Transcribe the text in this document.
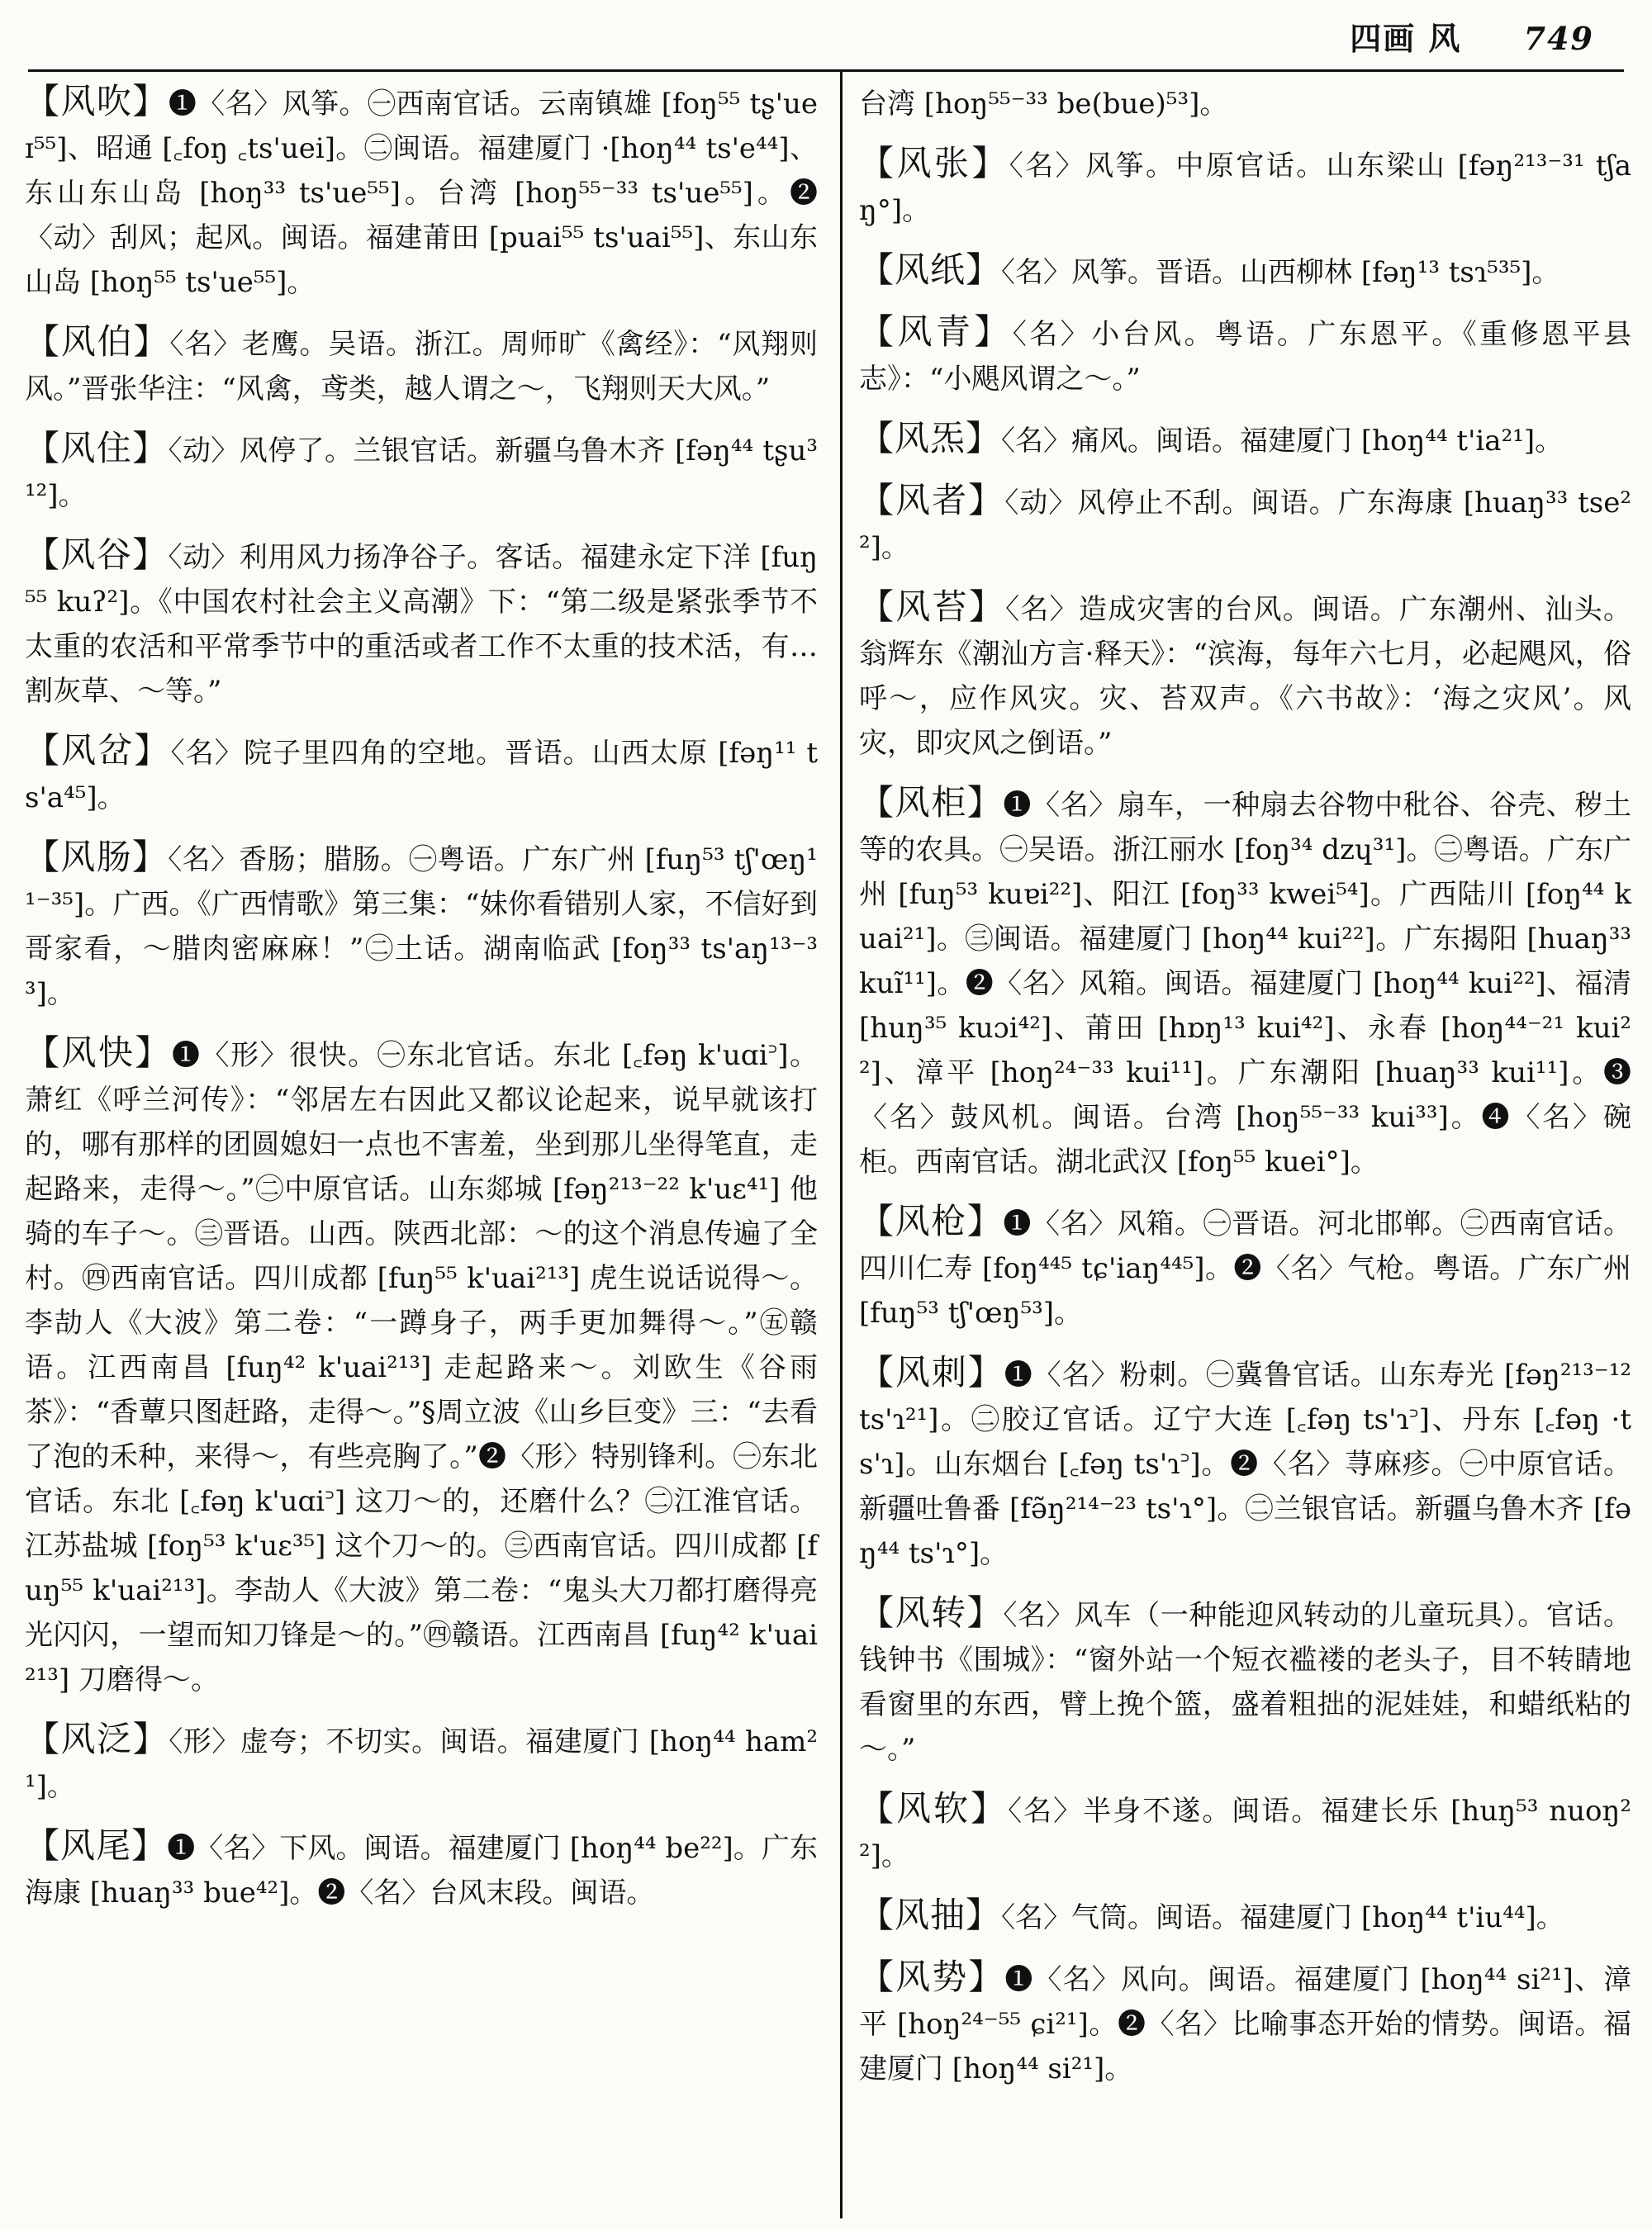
四画 风 749

【风吹】❶〈名〉风筝。㊀西南官话。云南镇雄 [foŋ⁵⁵ tʂ'ueɪ⁵⁵]、昭通 [꜀foŋ ꜀ts'uei]。㊁闽语。福建厦门 ·[hoŋ⁴⁴ ts'e⁴⁴]、东山东山岛 [hoŋ³³ ts'ue⁵⁵]。台湾 [hoŋ⁵⁵⁻³³ ts'ue⁵⁵]。❷〈动〉刮风；起风。闽语。福建莆田 [puai⁵⁵ ts'uai⁵⁵]、东山东山岛 [hoŋ⁵⁵ ts'ue⁵⁵]。

【风伯】〈名〉老鹰。吴语。浙江。周师旷《禽经》：“风翔则风。”晋张华注：“风禽，鸢类，越人谓之～，飞翔则天大风。”

【风住】〈动〉风停了。兰银官话。新疆乌鲁木齐 [fəŋ⁴⁴ tʂu³¹²]。

【风谷】〈动〉利用风力扬净谷子。客话。福建永定下洋 [fuŋ⁵⁵ kuʔ²]。《中国农村社会主义高潮》下：“第二级是紧张季节不太重的农活和平常季节中的重活或者工作不太重的技术活，有…割灰草、～等。”

【风岔】〈名〉院子里四角的空地。晋语。山西太原 [fəŋ¹¹ ts'a⁴⁵]。

【风肠】〈名〉香肠；腊肠。㊀粤语。广东广州 [fuŋ⁵³ tʃ'œŋ¹¹⁻³⁵]。广西。《广西情歌》第三集：“妹你看错别人家，不信好到哥家看，～腊肉密麻麻！”㊁土话。湖南临武 [foŋ³³ ts'aŋ¹³⁻³³]。

【风快】❶〈形〉很快。㊀东北官话。东北 [꜀fəŋ k'uɑi꜄]。萧红《呼兰河传》：“邻居左右因此又都议论起来，说早就该打的，哪有那样的团圆媳妇一点也不害羞，坐到那儿坐得笔直，走起路来，走得～。”㊁中原官话。山东郯城 [fəŋ²¹³⁻²² k'uɛ⁴¹] 他骑的车子～。㊂晋语。山西。陕西北部：～的这个消息传遍了全村。㊃西南官话。四川成都 [fuŋ⁵⁵ k'uai²¹³] 虎生说话说得～。李劼人《大波》第二卷：“一蹲身子，两手更加舞得～。”㊄赣语。江西南昌 [fuŋ⁴² k'uai²¹³] 走起路来～。刘欧生《谷雨茶》：“香蕈只图赶路，走得～。”§周立波《山乡巨变》三：“去看了泡的禾种，来得～，有些亮胸了。”❷〈形〉特别锋利。㊀东北官话。东北 [꜀fəŋ k'uɑi꜄] 这刀～的，还磨什么？㊁江淮官话。江苏盐城 [foŋ⁵³ k'uɛ³⁵] 这个刀～的。㊂西南官话。四川成都 [fuŋ⁵⁵ k'uai²¹³]。李劼人《大波》第二卷：“鬼头大刀都打磨得亮光闪闪，一望而知刀锋是～的。”㊃赣语。江西南昌 [fuŋ⁴² k'uai²¹³] 刀磨得～。

【风泛】〈形〉虚夸；不切实。闽语。福建厦门 [hoŋ⁴⁴ ham²¹]。

【风尾】❶〈名〉下风。闽语。福建厦门 [hoŋ⁴⁴ be²²]。广东海康 [huaŋ³³ bue⁴²]。❷〈名〉台风末段。闽语。

台湾 [hoŋ⁵⁵⁻³³ be(bue)⁵³]。

【风张】〈名〉风筝。中原官话。山东梁山 [fəŋ²¹³⁻³¹ tʃaŋ°]。

【风纸】〈名〉风筝。晋语。山西柳林 [fəŋ¹³ tsɿ⁵³⁵]。

【风青】〈名〉小台风。粤语。广东恩平。《重修恩平县志》：“小飓风谓之～。”

【风炁】〈名〉痛风。闽语。福建厦门 [hoŋ⁴⁴ t'ia²¹]。

【风者】〈动〉风停止不刮。闽语。广东海康 [huaŋ³³ tse²²]。

【风苔】〈名〉造成灾害的台风。闽语。广东潮州、汕头。翁辉东《潮汕方言·释天》：“滨海，每年六七月，必起飓风，俗呼～，应作风灾。灾、苔双声。《六书故》：‘海之灾风’。风灾，即灾风之倒语。”

【风柜】❶〈名〉扇车，一种扇去谷物中秕谷、谷壳、秽土等的农具。㊀吴语。浙江丽水 [foŋ³⁴ dzɥ³¹]。㊁粤语。广东广州 [fuŋ⁵³ kuɐi²²]、阳江 [foŋ³³ kwei⁵⁴]。广西陆川 [foŋ⁴⁴ kuai²¹]。㊂闽语。福建厦门 [hoŋ⁴⁴ kui²²]。广东揭阳 [huaŋ³³ kuĩ¹¹]。❷〈名〉风箱。闽语。福建厦门 [hoŋ⁴⁴ kui²²]、福清 [huŋ³⁵ kuɔi⁴²]、莆田 [hɒŋ¹³ kui⁴²]、永春 [hoŋ⁴⁴⁻²¹ kui²²]、漳平 [hoŋ²⁴⁻³³ kui¹¹]。广东潮阳 [huaŋ³³ kui¹¹]。❸〈名〉鼓风机。闽语。台湾 [hoŋ⁵⁵⁻³³ kui³³]。❹〈名〉碗柜。西南官话。湖北武汉 [foŋ⁵⁵ kuei°]。

【风枪】❶〈名〉风箱。㊀晋语。河北邯郸。㊁西南官话。四川仁寿 [foŋ⁴⁴⁵ tɕ'iaŋ⁴⁴⁵]。❷〈名〉气枪。粤语。广东广州 [fuŋ⁵³ tʃ'œŋ⁵³]。

【风刺】❶〈名〉粉刺。㊀冀鲁官话。山东寿光 [fəŋ²¹³⁻¹² ts'ɿ²¹]。㊁胶辽官话。辽宁大连 [꜀fəŋ ts'ɿ꜄]、丹东 [꜀fəŋ ·ts'ɿ]。山东烟台 [꜀fəŋ ts'ɿ꜄]。❷〈名〉荨麻疹。㊀中原官话。新疆吐鲁番 [fə̃ŋ²¹⁴⁻²³ ts'ɿ°]。㊁兰银官话。新疆乌鲁木齐 [fəŋ⁴⁴ ts'ɿ°]。

【风转】〈名〉风车（一种能迎风转动的儿童玩具）。官话。钱钟书《围城》：“窗外站一个短衣褴褛的老头子，目不转睛地看窗里的东西，臂上挽个篮，盛着粗拙的泥娃娃，和蜡纸粘的～。”

【风软】〈名〉半身不遂。闽语。福建长乐 [huŋ⁵³ nuoŋ²²]。

【风抽】〈名〉气筒。闽语。福建厦门 [hoŋ⁴⁴ t'iu⁴⁴]。

【风势】❶〈名〉风向。闽语。福建厦门 [hoŋ⁴⁴ si²¹]、漳平 [hoŋ²⁴⁻⁵⁵ ɕi²¹]。❷〈名〉比喻事态开始的情势。闽语。福建厦门 [hoŋ⁴⁴ si²¹]。
